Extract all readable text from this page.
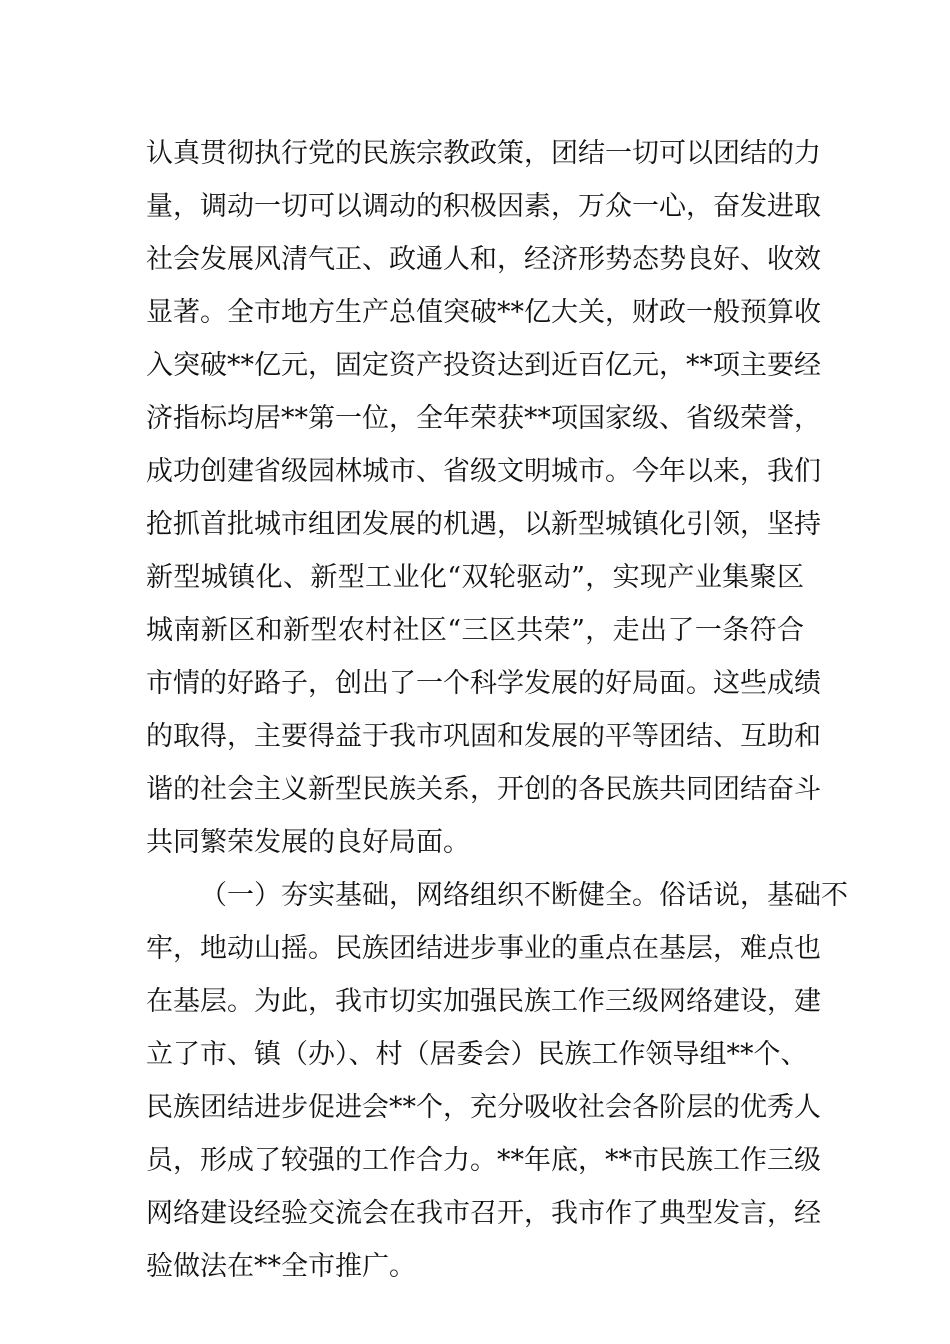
认真贯彻执行党的民族宗教政策，团结一切可以团结的力
量，调动一切可以调动的积极因素，万众一心，奋发进取
社会发展风清气正、政通人和，经济形势态势良好、收效
显著。全市地方生产总值突破**亿大关，财政一般预算收
入突破**亿元，固定资产投资达到近百亿元，**项主要经
济指标均居**第一位，全年荣获**项国家级、省级荣誉，
成功创建省级园林城市、省级文明城市。今年以来，我们
抢抓首批城市组团发展的机遇，以新型城镇化引领，坚持
新型城镇化、新型工业化“双轮驱动”，实现产业集聚区
城南新区和新型农村社区“三区共荣”，走出了一条符合
市情的好路子，创出了一个科学发展的好局面。这些成绩
的取得，主要得益于我市巩固和发展的平等团结、互助和
谐的社会主义新型民族关系，开创的各民族共同团结奋斗
共同繁荣发展的良好局面。
（一）夯实基础，网络组织不断健全。俗话说，基础不
牢，地动山摇。民族团结进步事业的重点在基层，难点也
在基层。为此，我市切实加强民族工作三级网络建设，建
立了市、镇（办）、村（居委会）民族工作领导组**个、
民族团结进步促进会**个，充分吸收社会各阶层的优秀人
员，形成了较强的工作合力。**年底，**市民族工作三级
网络建设经验交流会在我市召开，我市作了典型发言，经
验做法在**全市推广。
